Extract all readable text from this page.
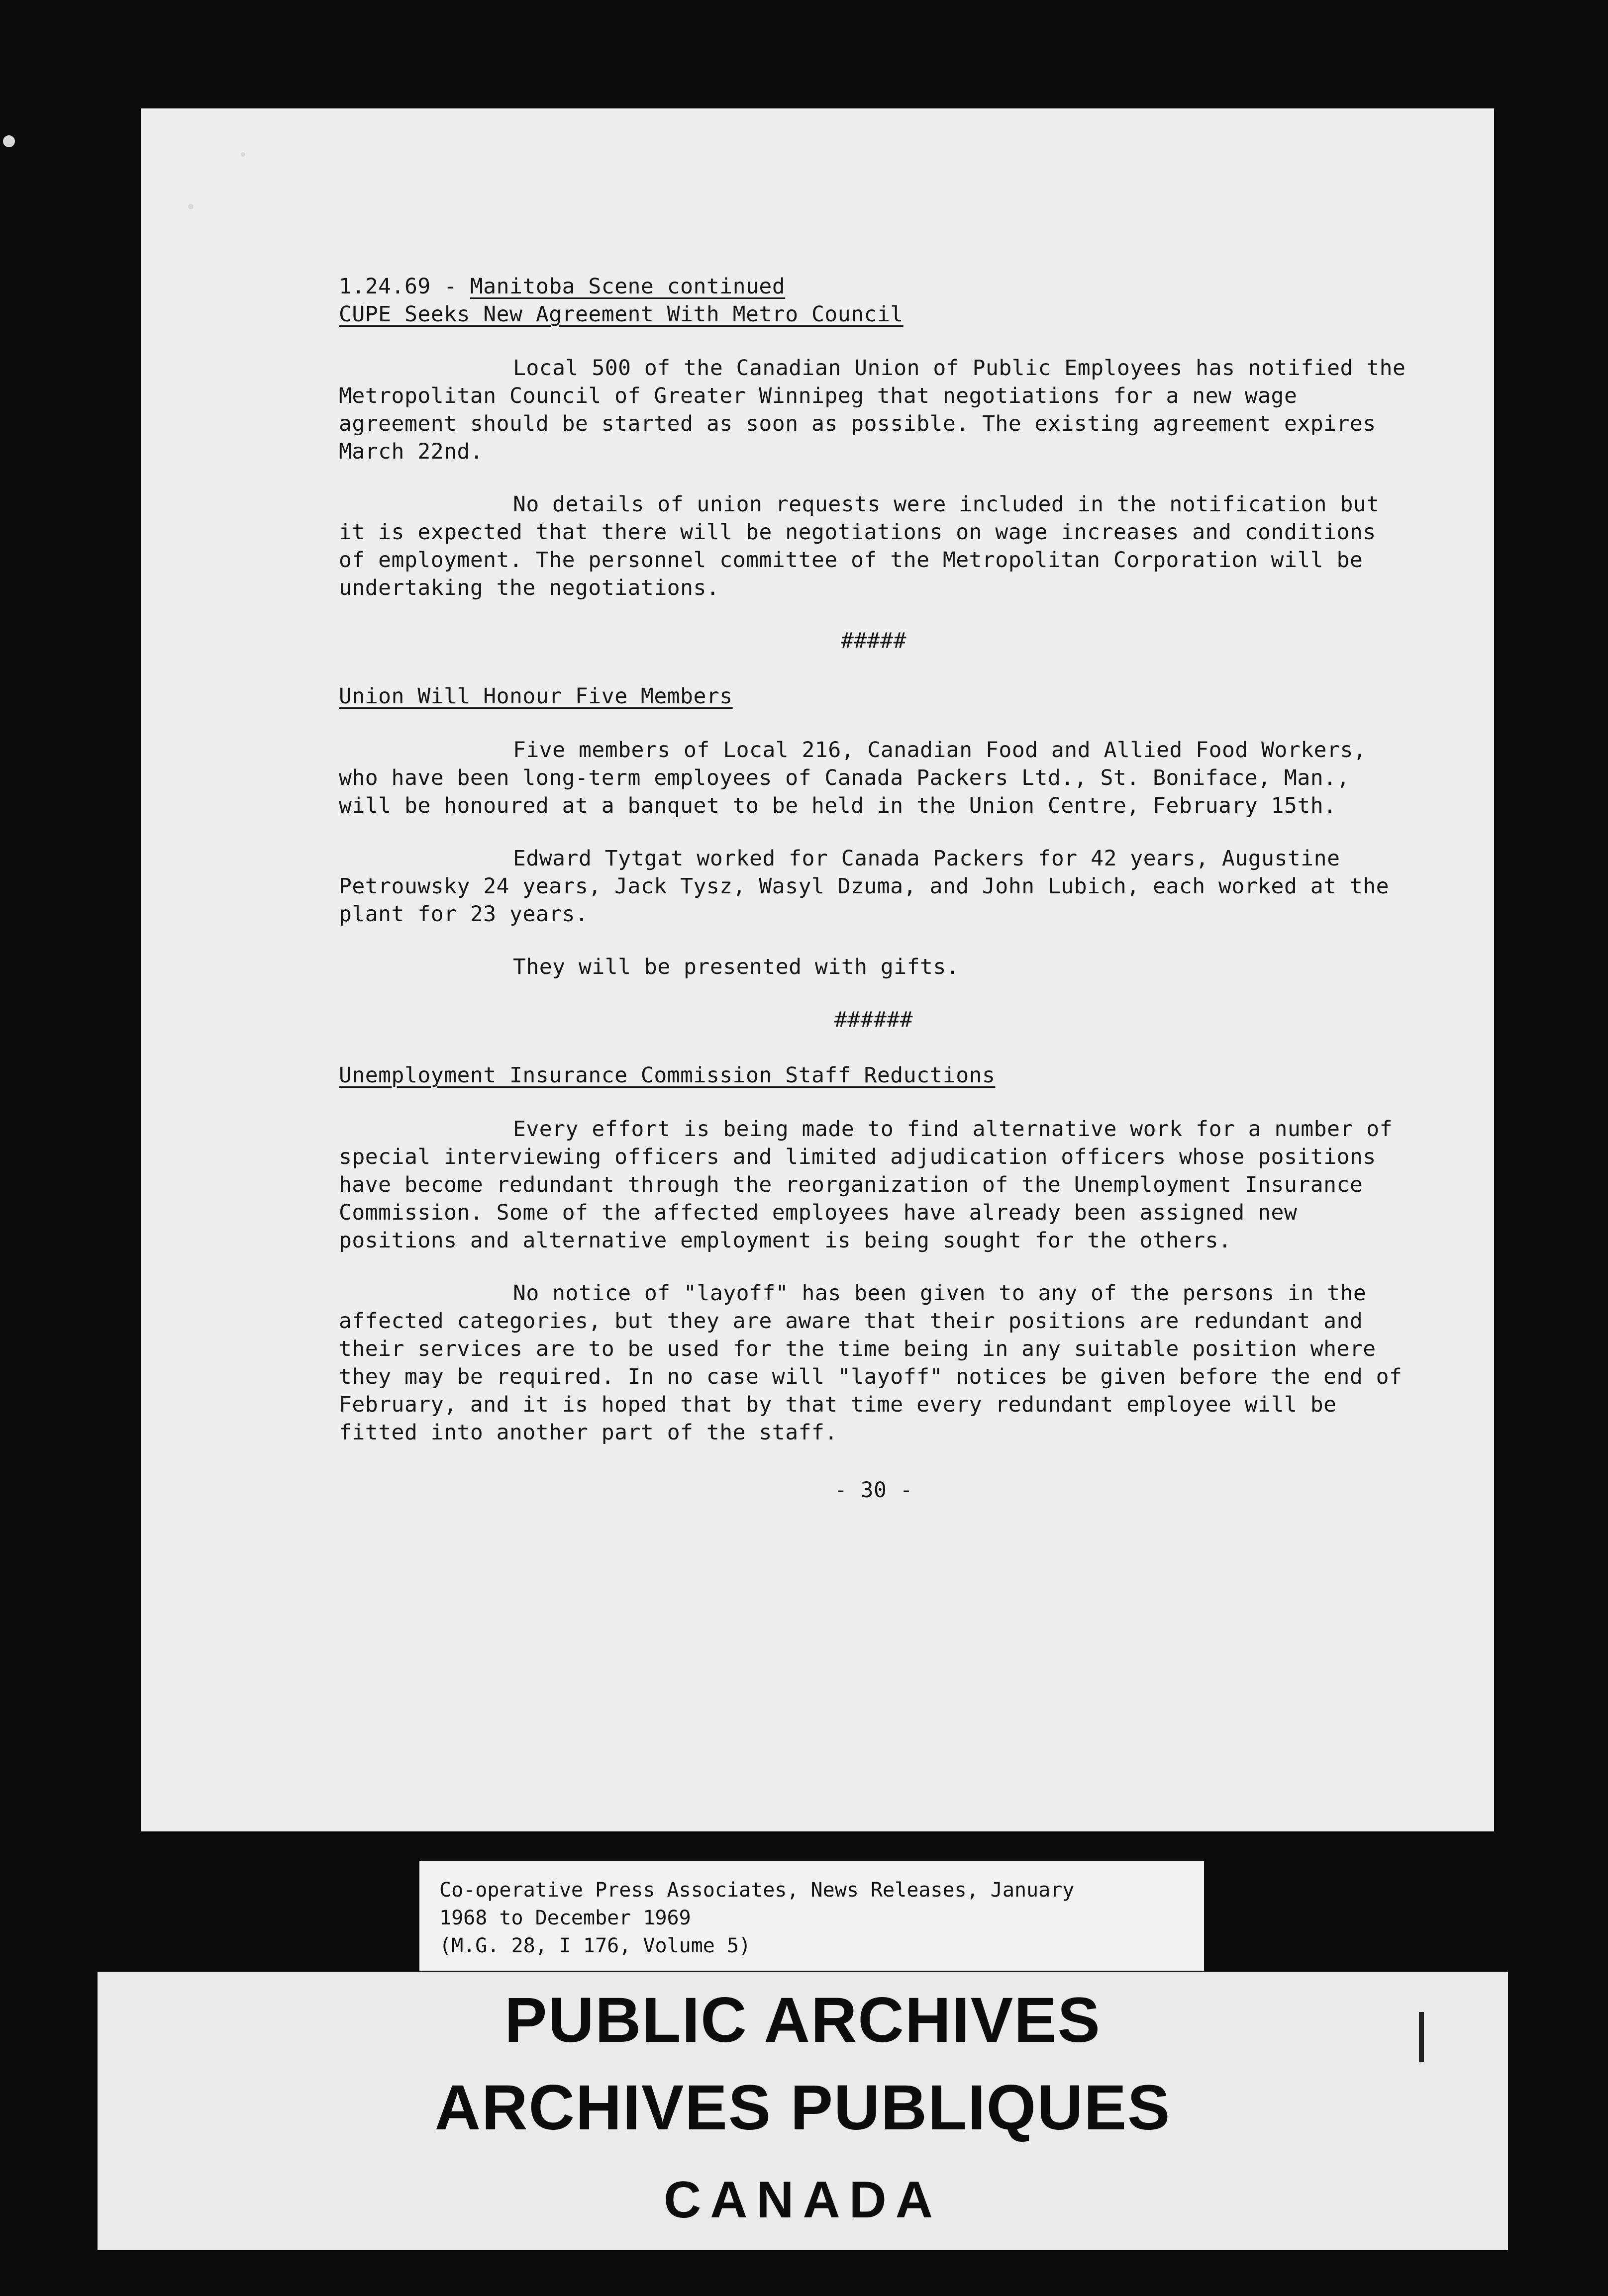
1.24.69 - Manitoba Scene continued

CUPE Seeks New Agreement With Metro Council

Local 500 of the Canadian Union of Public Employees has notified the Metropolitan Council of Greater Winnipeg that negotiations for a new wage agreement should be started as soon as possible. The existing agreement expires March 22nd.

No details of union requests were included in the notification but it is expected that there will be negotiations on wage increases and conditions of employment. The personnel committee of the Metropolitan Corporation will be undertaking the negotiations.

#####

Union Will Honour Five Members

Five members of Local 216, Canadian Food and Allied Food Workers, who have been long-term employees of Canada Packers Ltd., St. Boniface, Man., will be honoured at a banquet to be held in the Union Centre, February 15th.

Edward Tytgat worked for Canada Packers for 42 years, Augustine Petrouwsky 24 years, Jack Tysz, Wasyl Dzuma, and John Lubich, each worked at the plant for 23 years.

They will be presented with gifts.

######

Unemployment Insurance Commission Staff Reductions

Every effort is being made to find alternative work for a number of special interviewing officers and limited adjudication officers whose positions have become redundant through the reorganization of the Unemployment Insurance Commission. Some of the affected employees have already been assigned new positions and alternative employment is being sought for the others.

No notice of "layoff" has been given to any of the persons in the affected categories, but they are aware that their positions are redundant and their services are to be used for the time being in any suitable position where they may be required. In no case will "layoff" notices be given before the end of February, and it is hoped that by that time every redundant employee will be fitted into another part of the staff.

- 30 -

Co-operative Press Associates, News Releases, January
1968 to December 1969
(M.G. 28, I 176, Volume 5)
PUBLIC ARCHIVES
ARCHIVES PUBLIQUES
CANADA
